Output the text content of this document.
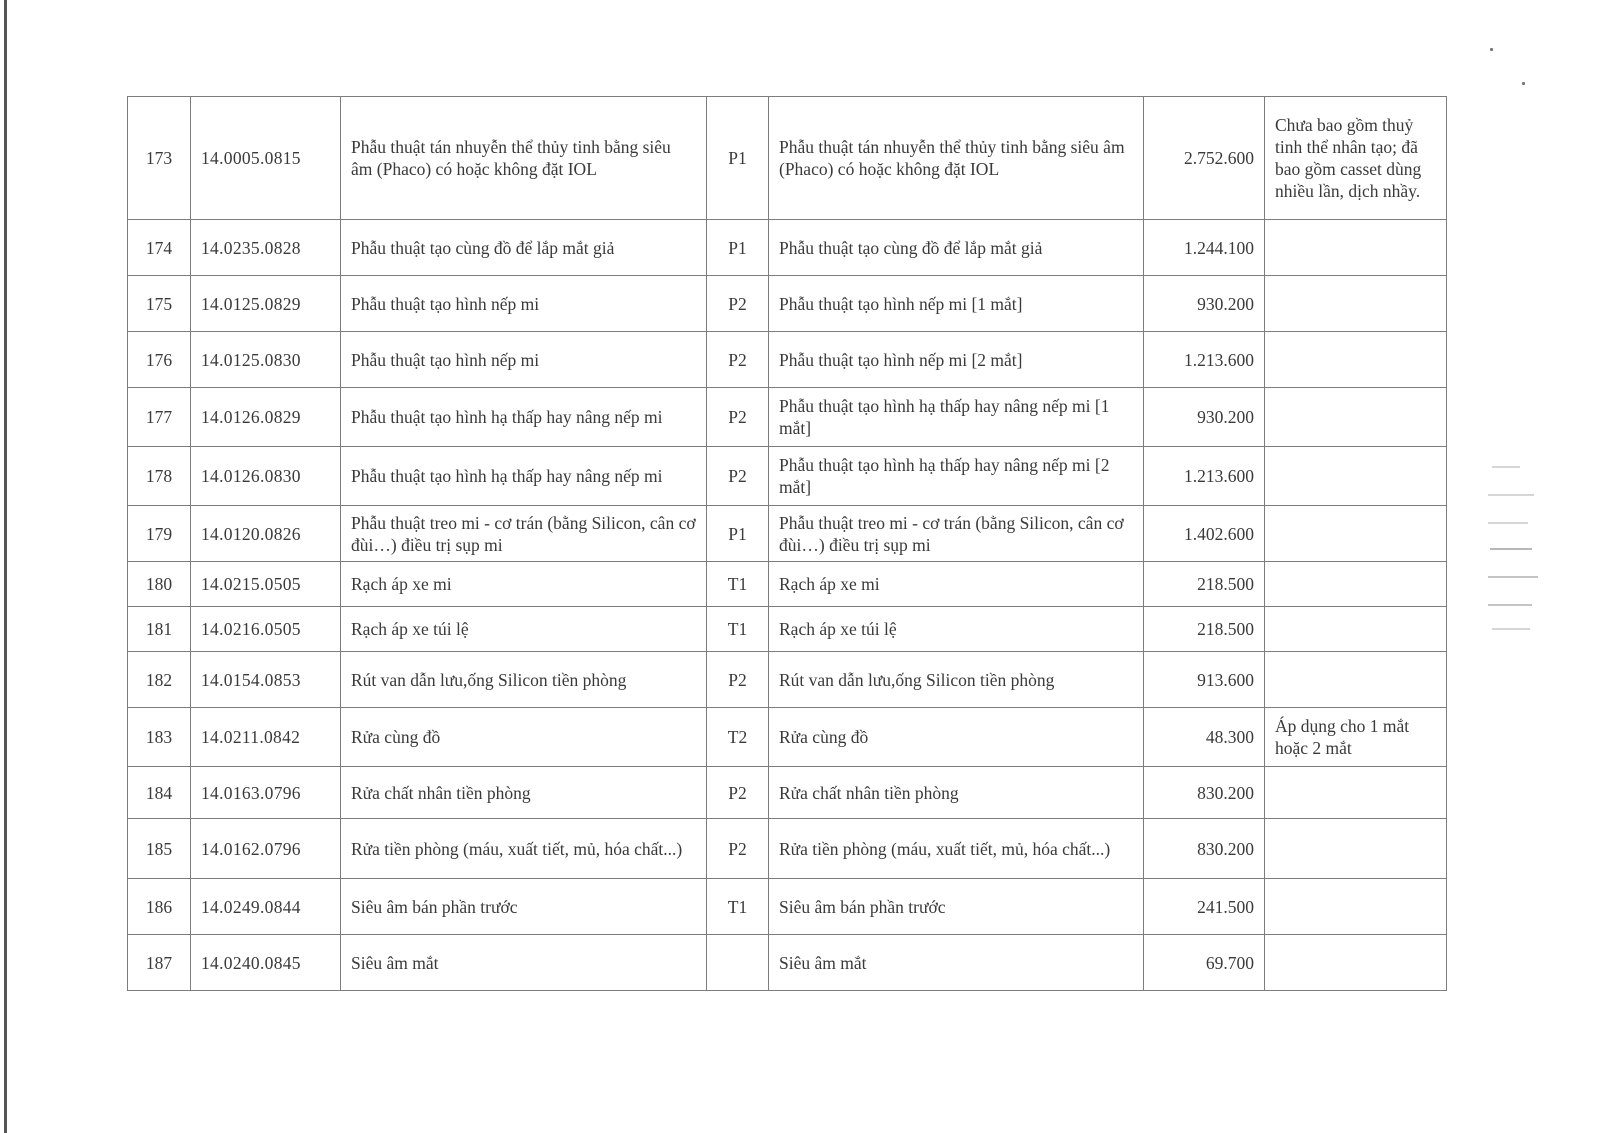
173	14.0005.0815	Phẫu thuật tán nhuyễn thể thủy tinh bằng siêu âm (Phaco) có hoặc không đặt IOL	P1	Phẫu thuật tán nhuyễn thể thủy tinh bằng siêu âm (Phaco) có hoặc không đặt IOL	2.752.600	Chưa bao gồm thuỷ tinh thể nhân tạo; đã bao gồm casset dùng nhiều lần, dịch nhầy.
174	14.0235.0828	Phẫu thuật tạo cùng đồ để lắp mắt giả	P1	Phẫu thuật tạo cùng đồ để lắp mắt giả	1.244.100	
175	14.0125.0829	Phẫu thuật tạo hình nếp mi	P2	Phẫu thuật tạo hình nếp mi [1 mắt]	930.200	
176	14.0125.0830	Phẫu thuật tạo hình nếp mi	P2	Phẫu thuật tạo hình nếp mi [2 mắt]	1.213.600	
177	14.0126.0829	Phẫu thuật tạo hình hạ thấp hay nâng nếp mi	P2	Phẫu thuật tạo hình hạ thấp hay nâng nếp mi [1 mắt]	930.200	
178	14.0126.0830	Phẫu thuật tạo hình hạ thấp hay nâng nếp mi	P2	Phẫu thuật tạo hình hạ thấp hay nâng nếp mi [2 mắt]	1.213.600	
179	14.0120.0826	Phẫu thuật treo mi - cơ trán (bằng Silicon, cân cơ đùi…) điều trị sụp mi	P1	Phẫu thuật treo mi - cơ trán (bằng Silicon, cân cơ đùi…) điều trị sụp mi	1.402.600	
180	14.0215.0505	Rạch áp xe mi	T1	Rạch áp xe mi	218.500	
181	14.0216.0505	Rạch áp xe túi lệ	T1	Rạch áp xe túi lệ	218.500	
182	14.0154.0853	Rút van dẫn lưu,ống Silicon tiền phòng	P2	Rút van dẫn lưu,ống Silicon tiền phòng	913.600	
183	14.0211.0842	Rửa cùng đồ	T2	Rửa cùng đồ	48.300	Áp dụng cho 1 mắt hoặc 2 mắt
184	14.0163.0796	Rửa chất nhân tiền phòng	P2	Rửa chất nhân tiền phòng	830.200	
185	14.0162.0796	Rửa tiền phòng (máu, xuất tiết, mủ, hóa chất...)	P2	Rửa tiền phòng (máu, xuất tiết, mủ, hóa chất...)	830.200	
186	14.0249.0844	Siêu âm bán phần trước	T1	Siêu âm bán phần trước	241.500	
187	14.0240.0845	Siêu âm mắt		Siêu âm mắt	69.700	
